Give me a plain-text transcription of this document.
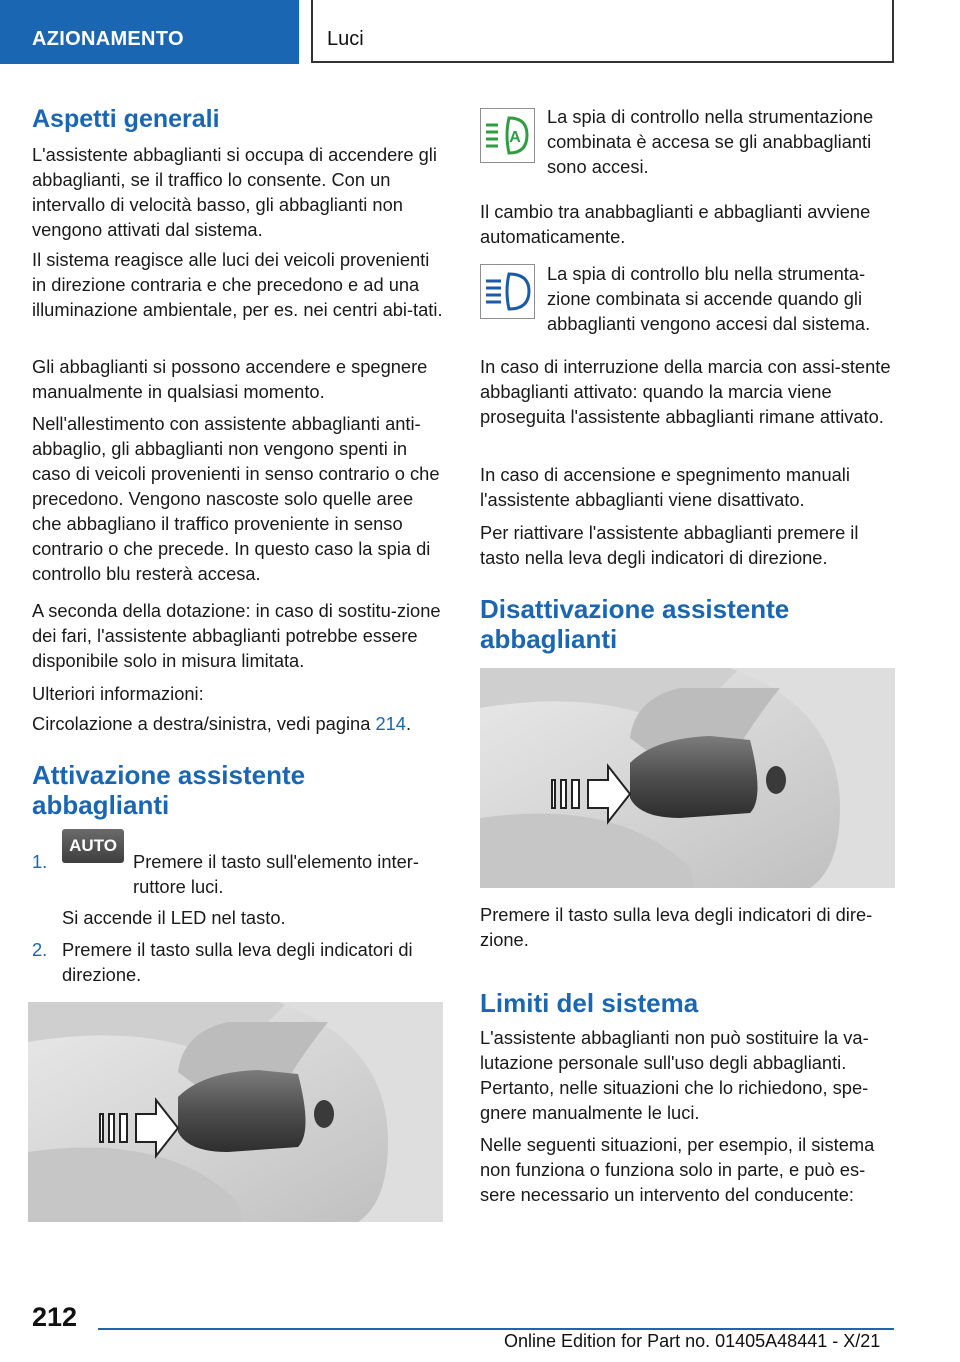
AZIONAMENTO	Luci
Aspetti generali

L'assistente abbaglianti si occupa di accendere gli abbaglianti, se il traffico lo consente. Con un intervallo di velocità basso, gli abbaglianti non vengono attivati dal sistema.

Il sistema reagisce alle luci dei veicoli provenienti in direzione contraria e che precedono e ad una illuminazione ambientale, per es. nei centri abi-tati.

Gli abbaglianti si possono accendere e spegnere manualmente in qualsiasi momento.

Nell'allestimento con assistente abbaglianti anti-abbaglio, gli abbaglianti non vengono spenti in caso di veicoli provenienti in senso contrario o che precedono. Vengono nascoste solo quelle aree che abbagliano il traffico proveniente in senso contrario o che precede. In questo caso la spia di controllo blu resterà accesa.

A seconda della dotazione: in caso di sostitu-zione dei fari, l'assistente abbaglianti potrebbe essere disponibile solo in misura limitata.

Ulteriori informazioni:

Circolazione a destra/sinistra, vedi pagina 214.

Attivazione assistente abbaglianti
1.
AUTO
Premere il tasto sull'elemento inter-ruttore luci.

Si accende il LED nel tasto.

2. Premere il tasto sulla leva degli indicatori di direzione.
A

La spia di controllo nella strumentazione combinata è accesa se gli anabbaglianti sono accesi.

Il cambio tra anabbaglianti e abbaglianti avviene automaticamente.

La spia di controllo blu nella strumenta-zione combinata si accende quando gli abbaglianti vengono accesi dal sistema.

In caso di interruzione della marcia con assi-stente abbaglianti attivato: quando la marcia viene proseguita l'assistente abbaglianti rimane attivato.

In caso di accensione e spegnimento manuali l'assistente abbaglianti viene disattivato.

Per riattivare l'assistente abbaglianti premere il tasto nella leva degli indicatori di direzione.

Disattivazione assistente abbaglianti

Premere il tasto sulla leva degli indicatori di dire-zione.

Limiti del sistema

L'assistente abbaglianti non può sostituire la va-lutazione personale sull'uso degli abbaglianti. Pertanto, nelle situazioni che lo richiedono, spe-gnere manualmente le luci.

Nelle seguenti situazioni, per esempio, il sistema non funziona o funziona solo in parte, e può es-sere necessario un intervento del conducente:

212
Online Edition for Part no. 01405A48441 - X/21
